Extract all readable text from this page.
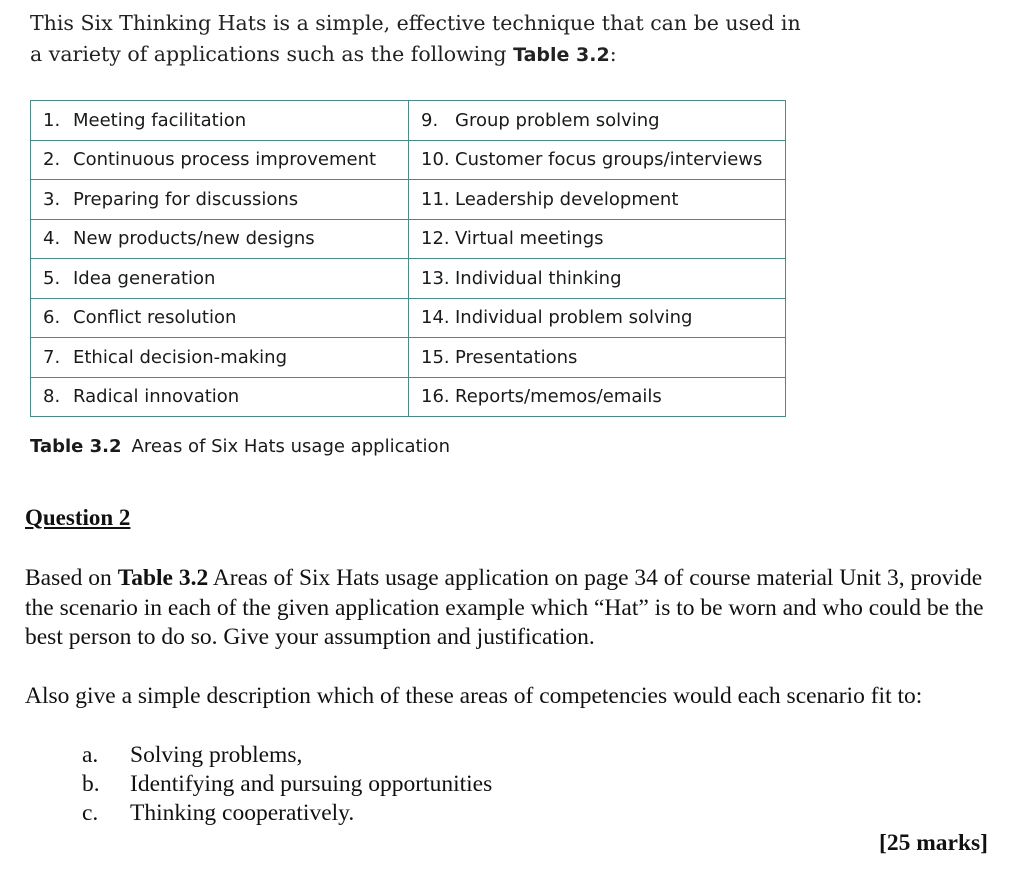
This Six Thinking Hats is a simple, effective technique that can be used in a variety of applications such as the following Table 3.2:
1. Meeting facilitation	9. Group problem solving
2. Continuous process improvement	10. Customer focus groups/interviews
3. Preparing for discussions	11. Leadership development
4. New products/new designs	12. Virtual meetings
5. Idea generation	13. Individual thinking
6. Conflict resolution	14. Individual problem solving
7. Ethical decision-making	15. Presentations
8. Radical innovation	16. Reports/memos/emails
Table 3.2 Areas of Six Hats usage application
Question 2
Based on Table 3.2 Areas of Six Hats usage application on page 34 of course material Unit 3, provide the scenario in each of the given application example which “Hat” is to be worn and who could be the best person to do so. Give your assumption and justification.
Also give a simple description which of these areas of competencies would each scenario fit to:
a.	Solving problems,
b.	Identifying and pursuing opportunities
c.	Thinking cooperatively.
[25 marks]
